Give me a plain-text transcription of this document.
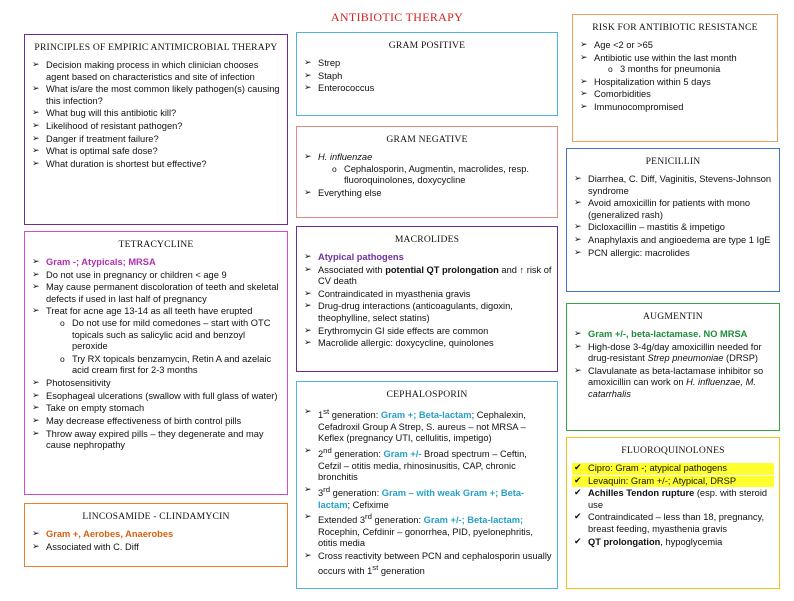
ANTIBIOTIC THERAPY
PRINCIPLES OF EMPIRIC ANTIMICROBIAL THERAPY
➢ Decision making process in which clinician chooses agent based on characteristics and site of infection
➢ What is/are the most common likely pathogen(s) causing this infection?
➢ What bug will this antibiotic kill?
➢ Likelihood of resistant pathogen?
➢ Danger if treatment failure?
➢ What is optimal safe dose?
➢ What duration is shortest but effective?
GRAM POSITIVE
➢ Strep
➢ Staph
➢ Enterococcus
GRAM NEGATIVE
➢ H. influenzae
o Cephalosporin, Augmentin, macrolides, resp. fluoroquinolones, doxycycline
➢ Everything else
RISK FOR ANTIBIOTIC RESISTANCE
➢ Age <2 or >65
➢ Antibiotic use within the last month
o 3 months for pneumonia
➢ Hospitalization within 5 days
➢ Comorbidities
➢ Immunocompromised
PENICILLIN
➢ Diarrhea, C. Diff, Vaginitis, Stevens-Johnson syndrome
➢ Avoid amoxicillin for patients with mono (generalized rash)
➢ Dicloxacillin – mastitis & impetigo
➢ Anaphylaxis and angioedema are type 1 IgE
➢ PCN allergic: macrolides
TETRACYCLINE
➢ Gram -; Atypicals; MRSA
➢ Do not use in pregnancy or children < age 9
➢ May cause permanent discoloration of teeth and skeletal defects if used in last half of pregnancy
➢ Treat for acne age 13-14 as all teeth have erupted
o Do not use for mild comedones – start with OTC topicals such as salicylic acid and benzoyl peroxide
o Try RX topicals benzamycin, Retin A and azelaic acid cream first for 2-3 months
➢ Photosensitivity
➢ Esophageal ulcerations (swallow with full glass of water)
➢ Take on empty stomach
➢ May decrease effectiveness of birth control pills
➢ Throw away expired pills – they degenerate and may cause nephropathy
MACROLIDES
➢ Atypical pathogens
➢ Associated with potential QT prolongation and ↑ risk of CV death
➢ Contraindicated in myasthenia gravis
➢ Drug-drug interactions (anticoagulants, digoxin, theophylline, select statins)
➢ Erythromycin GI side effects are common
➢ Macrolide allergic: doxycycline, quinolones
AUGMENTIN
➢ Gram +/-, beta-lactamase. NO MRSA
➢ High-dose 3-4g/day amoxicillin needed for drug-resistant Strep pneumoniae (DRSP)
➢ Clavulanate as beta-lactamase inhibitor so amoxicillin can work on H. influenzae, M. catarrhalis
CEPHALOSPORIN
➢ 1st generation: Gram +; Beta-lactam; Cephalexin, Cefadroxil Group A Strep, S. aureus – not MRSA – Keflex (pregnancy UTI, cellulitis, impetigo)
➢ 2nd generation: Gram +/- Broad spectrum – Ceftin, Cefzil – otitis media, rhinosinusitis, CAP, chronic bronchitis
➢ 3rd generation: Gram – with weak Gram +; Beta-lactam; Cefixime
➢ Extended 3rd generation: Gram +/-; Beta-lactam; Rocephin, Cefdinir – gonorrhea, PID, pyelonephritis, otitis media
➢ Cross reactivity between PCN and cephalosporin usually occurs with 1st generation
LINCOSAMIDE - CLINDAMYCIN
➢ Gram +, Aerobes, Anaerobes
➢ Associated with C. Diff
FLUOROQUINOLONES
✔ Cipro: Gram -; atypical pathogens
✔ Levaquin: Gram +/-; Atypical, DRSP
✔ Achilles Tendon rupture (esp. with steroid use
✔ Contraindicated – less than 18, pregnancy, breast feeding, myasthenia gravis
✔ QT prolongation, hypoglycemia
